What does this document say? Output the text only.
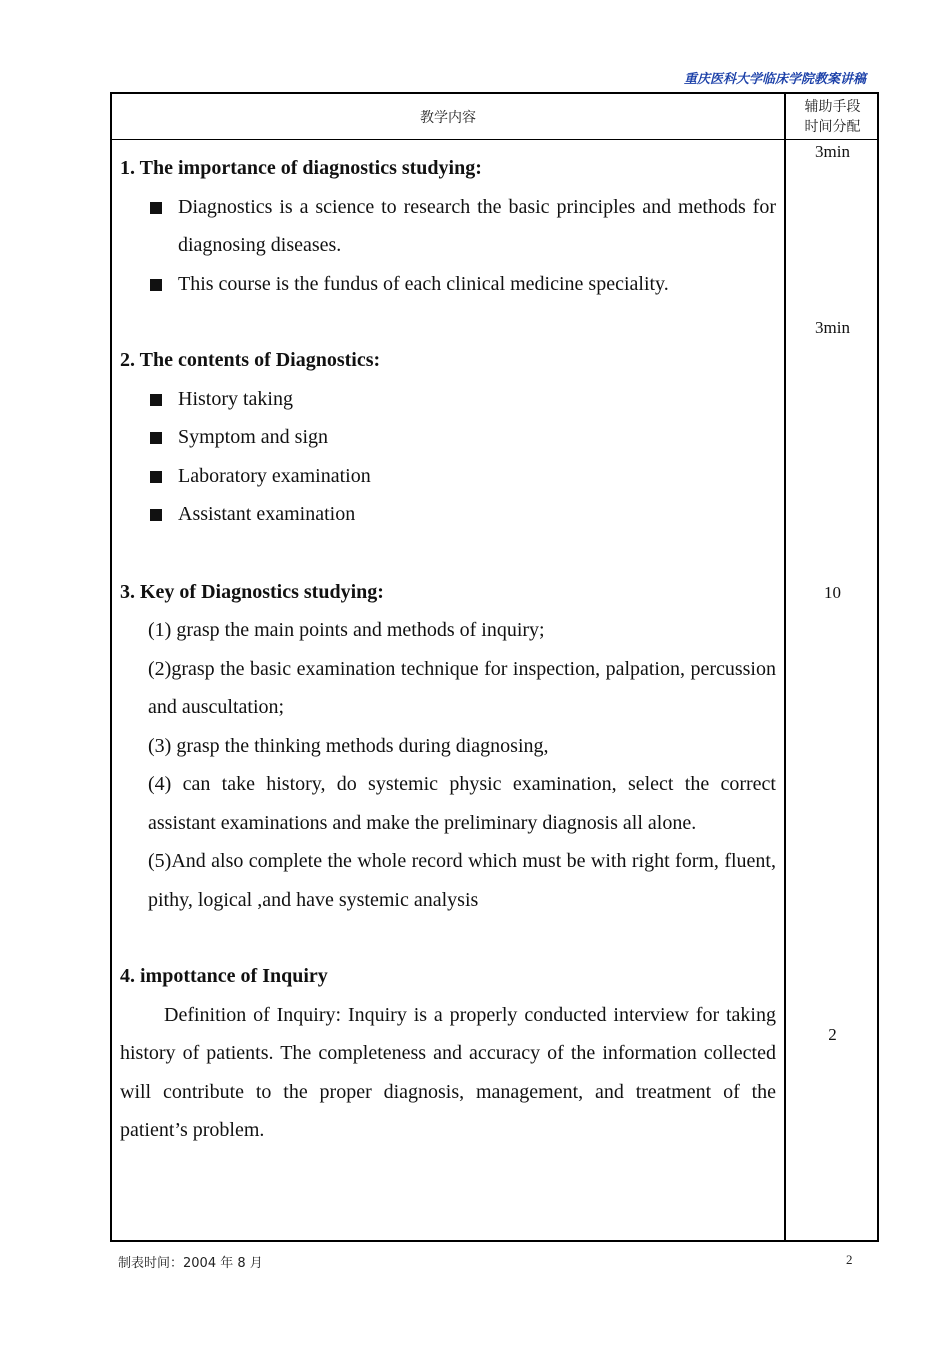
重庆医科大学临床学院教案讲稿
教学内容
辅助手段
时间分配

1. The importance of diagnostics studying:

Diagnostics is a science to research the basic principles and methods for diagnosing diseases.

This course is the fundus of each clinical medicine speciality.

2. The contents of Diagnostics:

History taking

Symptom and sign

Laboratory examination

Assistant examination

3. Key of Diagnostics studying:

(1) grasp the main points and methods of inquiry;

(2)grasp the basic examination technique for inspection, palpation, percussion and auscultation;

(3) grasp the thinking methods during diagnosing,

(4) can take history, do systemic physic examination, select the correct assistant examinations and make the preliminary diagnosis all alone.

(5)And also complete the whole record which must be with right form, fluent, pithy, logical ,and have systemic analysis

4. impottance of Inquiry

Definition of Inquiry: Inquiry is a properly conducted interview for taking history of patients. The completeness and accuracy of the information collected will contribute to the proper diagnosis, management, and treatment of the patient’s problem.

3min
3min
10
2
制表时间：2004 年 8 月	2
